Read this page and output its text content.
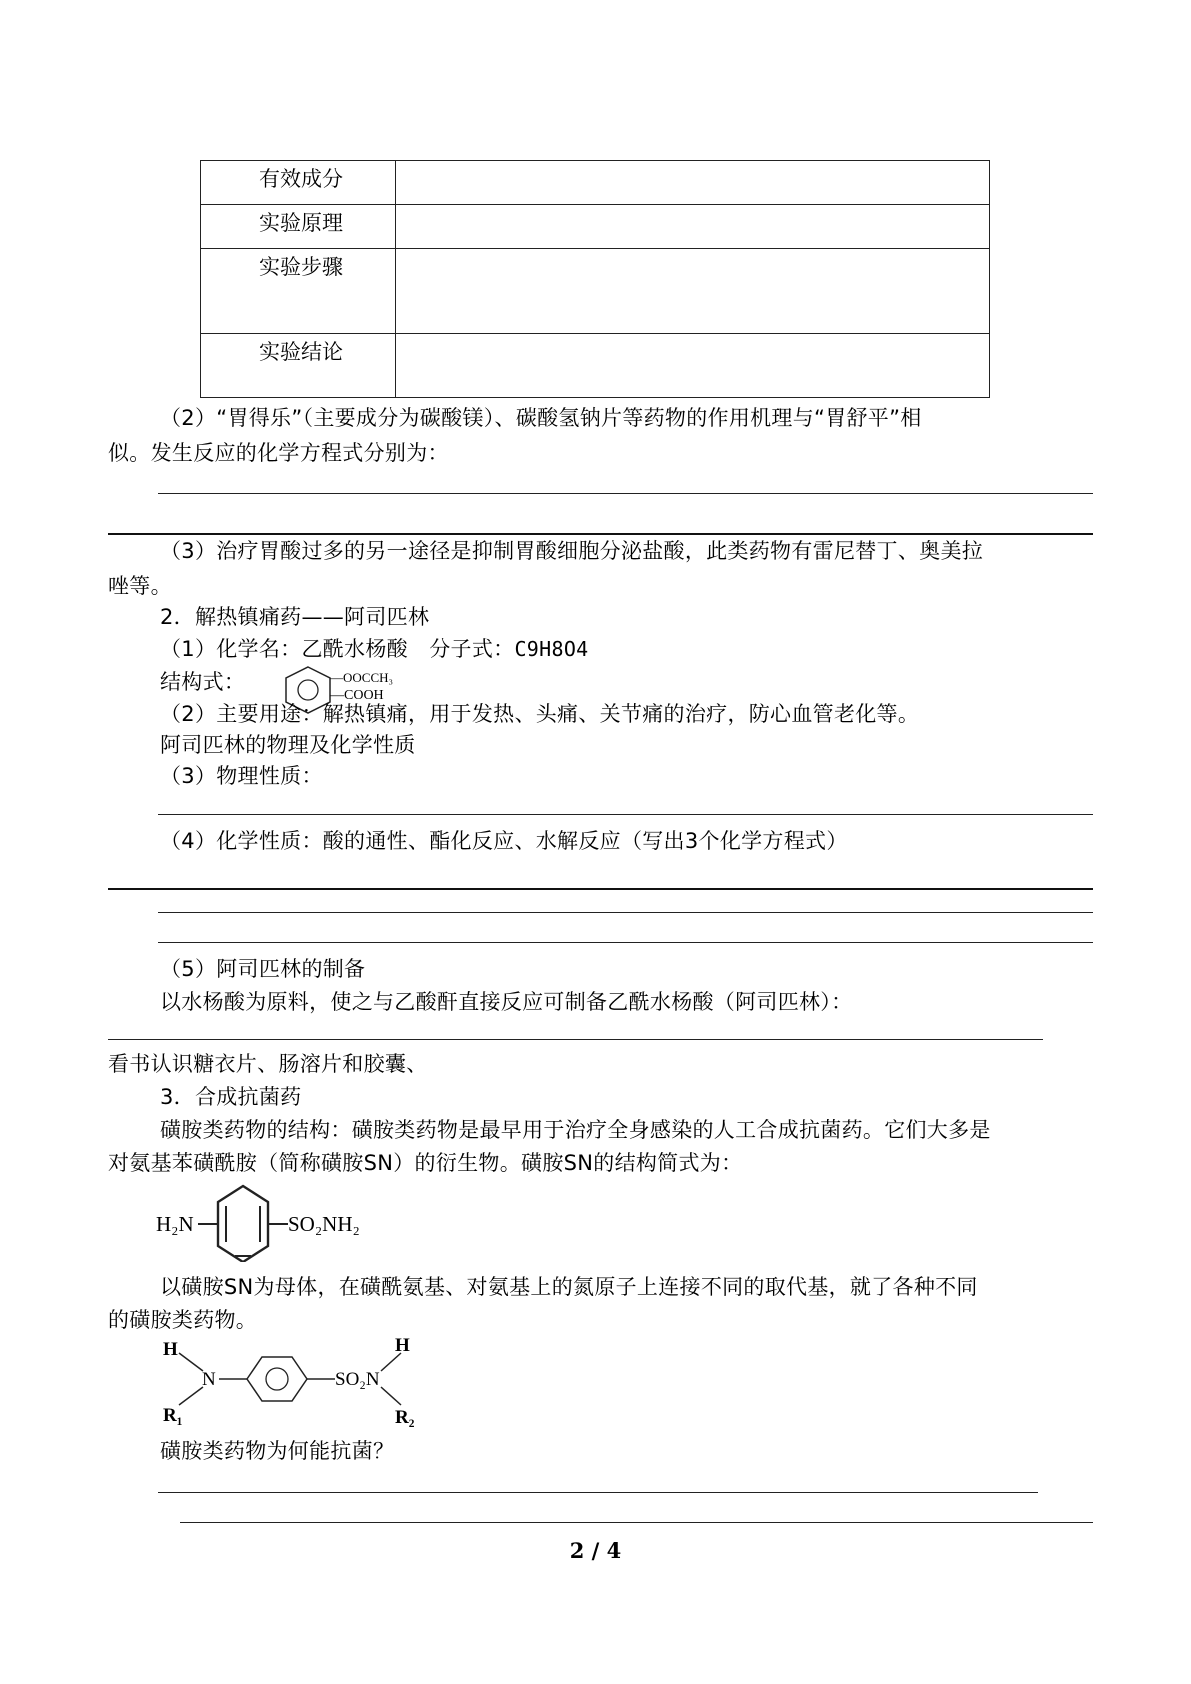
有效成分	
实验原理	
实验步骤	
实验结论	
（2）“胃得乐”（主要成分为碳酸镁）、碳酸氢钠片等药物的作用机理与“胃舒平”相
似。发生反应的化学方程式分别为：
（3）治疗胃酸过多的另一途径是抑制胃酸细胞分泌盐酸，此类药物有雷尼替丁、奥美拉
唑等。
2．解热镇痛药——阿司匹林
（1）化学名：乙酰水杨酸　分子式：C9H8O4
结构式：	—OOCCH₃
—COOH
（2）主要用途：解热镇痛，用于发热、头痛、关节痛的治疗，防心血管老化等。
阿司匹林的物理及化学性质
（3）物理性质：
（4）化学性质：酸的通性、酯化反应、水解反应（写出3个化学方程式）
（5）阿司匹林的制备
以水杨酸为原料，使之与乙酸酐直接反应可制备乙酰水杨酸（阿司匹林）：
看书认识糖衣片、肠溶片和胶囊、
3．合成抗菌药
磺胺类药物的结构：磺胺类药物是最早用于治疗全身感染的人工合成抗菌药。它们大多是
对氨基苯磺酰胺（简称磺胺SN）的衍生物。磺胺SN的结构简式为：
H₂N	SO₂NH₂
以磺胺SN为母体，在磺酰氨基、对氨基上的氮原子上连接不同的取代基，就了各种不同
的磺胺类药物。
H
N
R₁
SO₂N
H
R₂
磺胺类药物为何能抗菌？
2 / 4
